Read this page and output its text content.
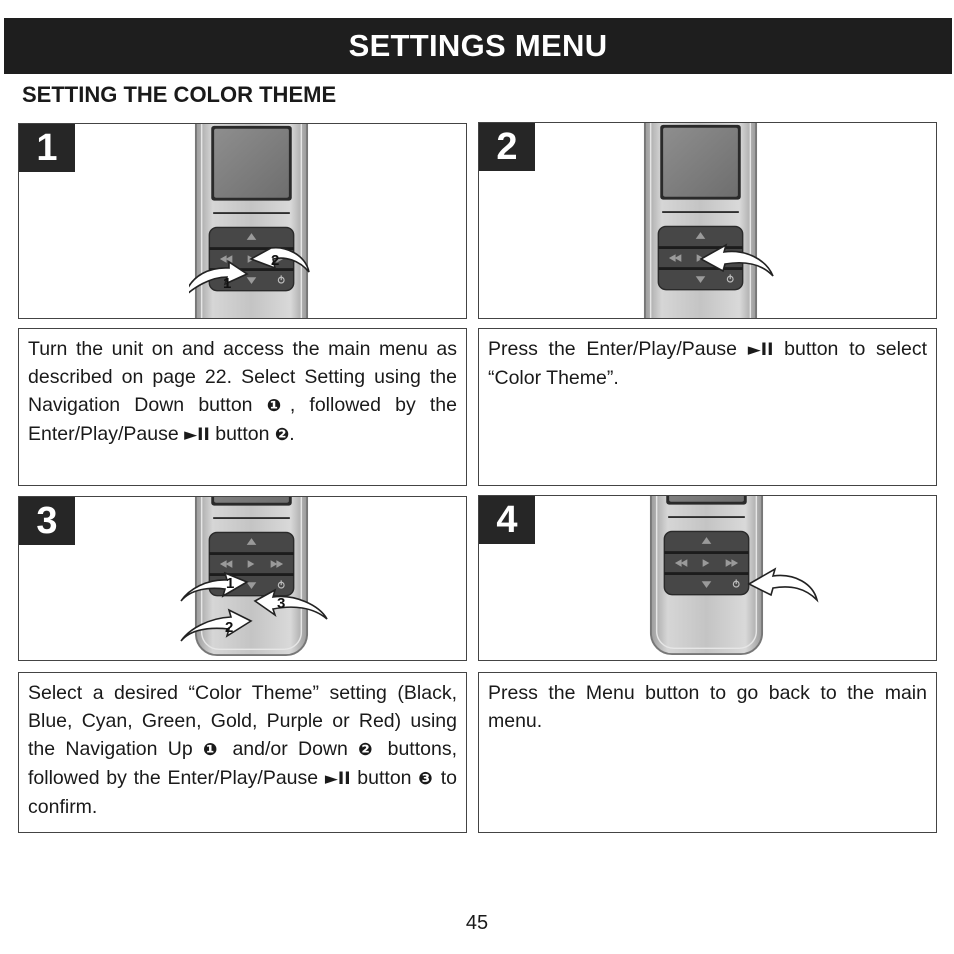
SETTINGS MENU
SETTING THE COLOR THEME
1
2
1
2

Turn the unit on and access the main menu as described on page 22. Select Setting using the Navigation Down button ❶, followed by the Enter/Play/Pause ►II button ❷.

Press the Enter/Play/Pause ►II button to select “Color Theme”.

3
1
3
2
4

Select a desired “Color Theme” setting (Black, Blue, Cyan, Green, Gold, Purple or Red) using the Navigation Up ❶ and/or Down ❷ buttons, followed by the Enter/Play/Pause ►II button ❸ to confirm.

Press the Menu button to go back to the main menu.

45
